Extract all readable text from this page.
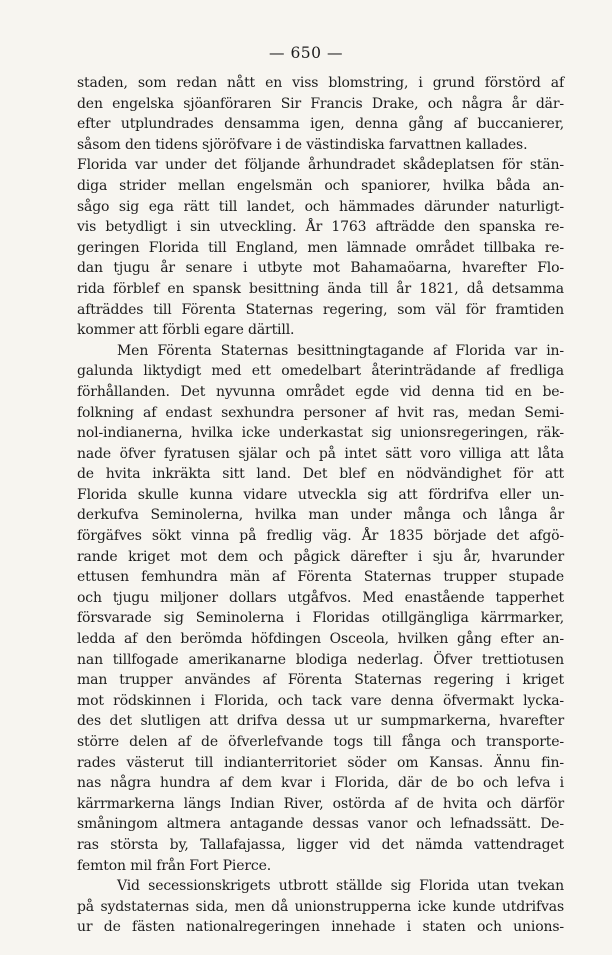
— 650 —
staden, som redan nått en viss blomstring, i grund förstörd af
den engelska sjöanföraren Sir Francis Drake, och några år där-
efter utplundrades densamma igen, denna gång af buccanierer,
såsom den tidens sjöröfvare i de västindiska farvattnen kallades.
Florida var under det följande århundradet skådeplatsen för stän-
diga strider mellan engelsmän och spaniorer, hvilka båda an-
sågo sig ega rätt till landet, och hämmades därunder naturligt-
vis betydligt i sin utveckling. År 1763 afträdde den spanska re-
geringen Florida till England, men lämnade området tillbaka re-
dan tjugu år senare i utbyte mot Bahamaöarna, hvarefter Flo-
rida förblef en spansk besittning ända till år 1821, då detsamma
afträddes till Förenta Staternas regering, som väl för framtiden
kommer att förbli egare därtill.
Men Förenta Staternas besittningtagande af Florida var in-
galunda liktydigt med ett omedelbart återinträdande af fredliga
förhållanden. Det nyvunna området egde vid denna tid en be-
folkning af endast sexhundra personer af hvit ras, medan Semi-
nol-indianerna, hvilka icke underkastat sig unionsregeringen, räk-
nade öfver fyratusen själar och på intet sätt voro villiga att låta
de hvita inkräkta sitt land. Det blef en nödvändighet för att
Florida skulle kunna vidare utveckla sig att fördrifva eller un-
derkufva Seminolerna, hvilka man under många och långa år
förgäfves sökt vinna på fredlig väg. År 1835 började det afgö-
rande kriget mot dem och pågick därefter i sju år, hvarunder
ettusen femhundra män af Förenta Staternas trupper stupade
och tjugu miljoner dollars utgåfvos. Med enastående tapperhet
försvarade sig Seminolerna i Floridas otillgängliga kärrmarker,
ledda af den berömda höfdingen Osceola, hvilken gång efter an-
nan tillfogade amerikanarne blodiga nederlag. Öfver trettiotusen
man trupper användes af Förenta Staternas regering i kriget
mot rödskinnen i Florida, och tack vare denna öfvermakt lycka-
des det slutligen att drifva dessa ut ur sumpmarkerna, hvarefter
större delen af de öfverlefvande togs till fånga och transporte-
rades västerut till indianterritoriet söder om Kansas. Ännu fin-
nas några hundra af dem kvar i Florida, där de bo och lefva i
kärrmarkerna längs Indian River, ostörda af de hvita och därför
småningom altmera antagande dessas vanor och lefnadssätt. De-
ras största by, Tallafajassa, ligger vid det nämda vattendraget
femton mil från Fort Pierce.
Vid secessionskrigets utbrott ställde sig Florida utan tvekan
på sydstaternas sida, men då unionstrupperna icke kunde utdrifvas
ur de fästen nationalregeringen innehade i staten och unions-
